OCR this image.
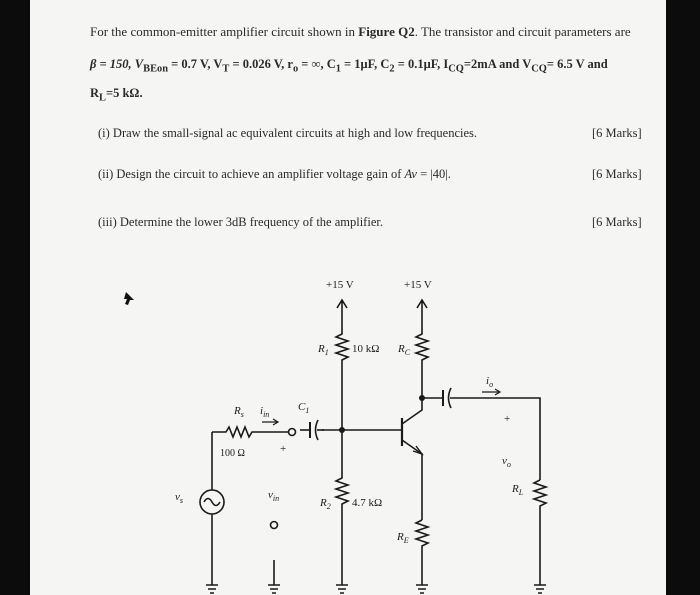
For the common-emitter amplifier circuit shown in Figure Q2. The transistor and circuit parameters are
β = 150, $V_{BEon} = 0.7$ V, $V_T = 0.026$ V, $r_o$ = ∞, $C_1 = 1\mu F$, $C_2 = 0.1\mu F$, $I_{CQ}=2mA$ and $V_{CQ}= 6.5$ V and
$R_L=5$ kΩ.
(i) Draw the small-signal ac equivalent circuits at high and low frequencies.	[6 Marks]
(ii) Design the circuit to achieve an amplifier voltage gain of Av = |40|.	[6 Marks]
(iii) Determine the lower 3dB frequency of the amplifier.	[6 Marks]
+15 V	+15 V
$R_1$ 10 kΩ $R_C$
$C_1$
$R_s$ $i_{in}$
100 Ω	+
$v_s$	$v_{in}$	$R_2$ 4.7 kΩ
$R_E$
$i_o$
+
$v_o$
$R_L$
